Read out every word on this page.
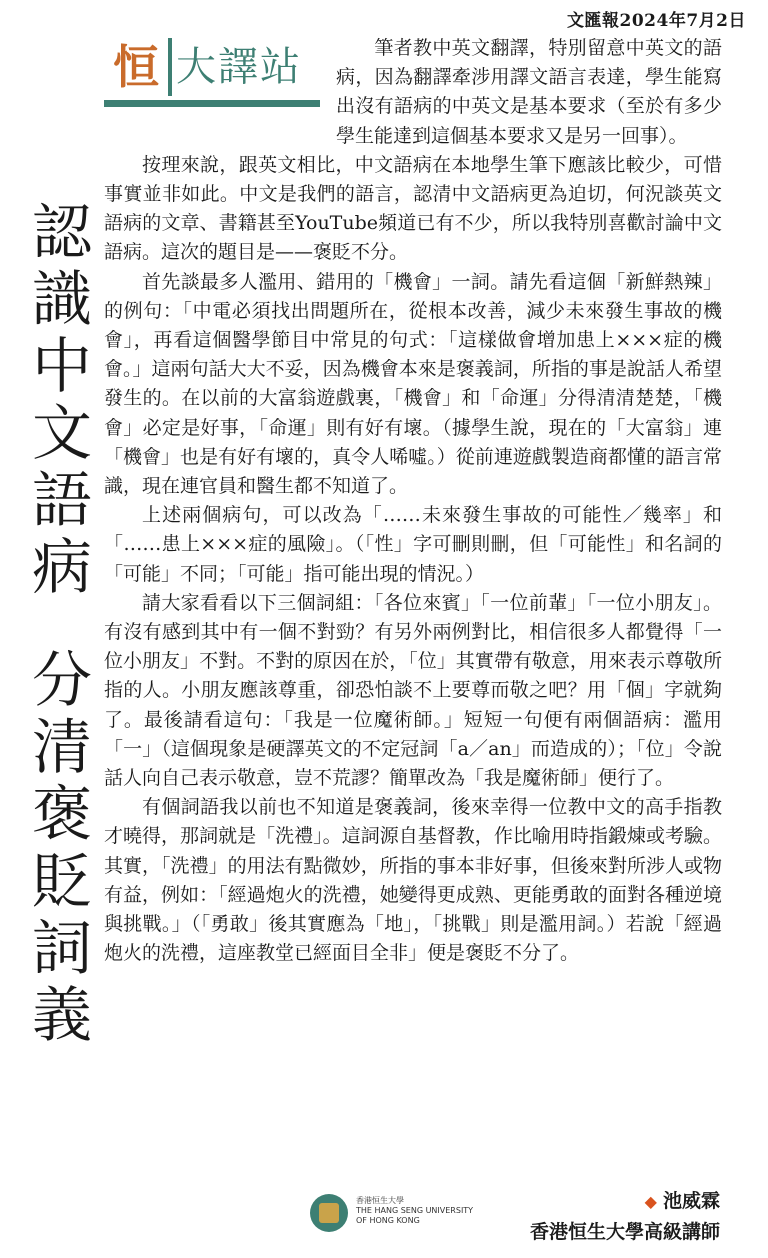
文匯報2024年7月2日
恒 大譯站
認
識
中
文
語
病
分
清
褒
貶
詞
義

筆者教中英文翻譯，特別留意中英文的語病，因為翻譯牽涉用譯文語言表達，學生能寫出沒有語病的中英文是基本要求（至於有多少學生能達到這個基本要求又是另一回事）。

按理來說，跟英文相比，中文語病在本地學生筆下應該比較少，可惜事實並非如此。中文是我們的語言，認清中文語病更為迫切，何況談英文語病的文章、書籍甚至YouTube頻道已有不少，所以我特別喜歡討論中文語病。這次的題目是——褒貶不分。

首先談最多人濫用、錯用的「機會」一詞。請先看這個「新鮮熱辣」的例句：「中電必須找出問題所在，從根本改善，減少未來發生事故的機會」，再看這個醫學節目中常見的句式：「這樣做會增加患上×××症的機會。」這兩句話大大不妥，因為機會本來是褒義詞，所指的事是說話人希望發生的。在以前的大富翁遊戲裏，「機會」和「命運」分得清清楚楚，「機會」必定是好事，「命運」則有好有壞。（據學生說，現在的「大富翁」連「機會」也是有好有壞的，真令人唏噓。）從前連遊戲製造商都懂的語言常識，現在連官員和醫生都不知道了。

上述兩個病句，可以改為「……未來發生事故的可能性／幾率」和「……患上×××症的風險」。（「性」字可刪則刪，但「可能性」和名詞的「可能」不同；「可能」指可能出現的情況。）

請大家看看以下三個詞組：「各位來賓」「一位前輩」「一位小朋友」。有沒有感到其中有一個不對勁？有另外兩例對比，相信很多人都覺得「一位小朋友」不對。不對的原因在於，「位」其實帶有敬意，用來表示尊敬所指的人。小朋友應該尊重，卻恐怕談不上要尊而敬之吧？用「個」字就夠了。最後請看這句：「我是一位魔術師。」短短一句便有兩個語病：濫用「一」（這個現象是硬譯英文的不定冠詞「a／an」而造成的）；「位」令說話人向自己表示敬意，豈不荒謬？簡單改為「我是魔術師」便行了。

有個詞語我以前也不知道是褒義詞，後來幸得一位教中文的高手指教才曉得，那詞就是「洗禮」。這詞源自基督教，作比喻用時指鍛煉或考驗。其實，「洗禮」的用法有點微妙，所指的事本非好事，但後來對所涉人或物有益，例如：「經過炮火的洗禮，她變得更成熟、更能勇敢的面對各種逆境與挑戰。」（「勇敢」後其實應為「地」，「挑戰」則是濫用詞。）若說「經過炮火的洗禮，這座教堂已經面目全非」便是褒貶不分了。

香港恒生大學
THE HANG SENG UNIVERSITY
OF HONG KONG
◆ 池威霖
香港恒生大學高級講師
